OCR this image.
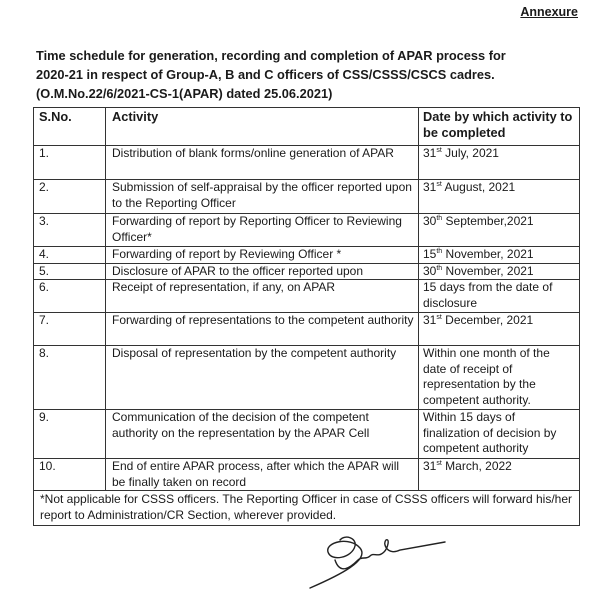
Annexure
Time schedule for generation, recording and completion of APAR process for
2020-21 in respect of Group-A, B and C officers of CSS/CSSS/CSCS cadres.
(O.M.No.22/6/2021-CS-1(APAR) dated 25.06.2021)
S.No.	Activity	Date by which activity to be completed
1.	Distribution of blank forms/online generation of APAR	31st July, 2021
2.	Submission of self-appraisal by the officer reported upon to the Reporting Officer	31st August, 2021
3.	Forwarding of report by Reporting Officer to Reviewing Officer*	30th September,2021
4.	Forwarding of report by Reviewing Officer *	15th November, 2021
5.	Disclosure of APAR to the officer reported upon	30th November, 2021
6.	Receipt of representation, if any, on APAR	15 days from the date of disclosure
7.	Forwarding of representations to the competent authority	31st December, 2021
8.	Disposal of representation by the competent authority	Within one month of the date of receipt of representation by the competent authority.
9.	Communication of the decision of the competent authority on the representation by the APAR Cell	Within 15 days of finalization of decision by competent authority
10.	End of entire APAR process, after which the APAR will be finally taken on record	31st March, 2022
*Not applicable for CSSS officers. The Reporting Officer in case of CSSS officers will forward his/her report to Administration/CR Section, wherever provided.		
